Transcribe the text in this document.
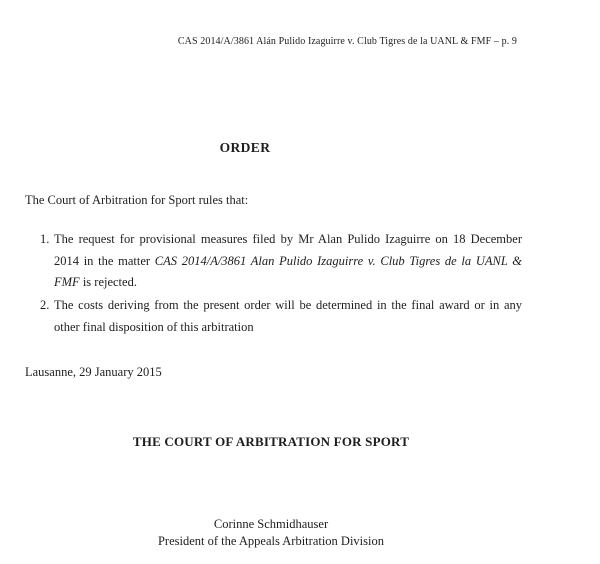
CAS 2014/A/3861 Alán Pulido Izaguirre v. Club Tigres de la UANL & FMF – p. 9
ORDER
The Court of Arbitration for Sport rules that:
1. The request for provisional measures filed by Mr Alan Pulido Izaguirre on 18 December 2014 in the matter CAS 2014/A/3861 Alan Pulido Izaguirre v. Club Tigres de la UANL & FMF is rejected.
2. The costs deriving from the present order will be determined in the final award or in any other final disposition of this arbitration
Lausanne, 29 January 2015
THE COURT OF ARBITRATION FOR SPORT
Corinne Schmidhauser
President of the Appeals Arbitration Division
